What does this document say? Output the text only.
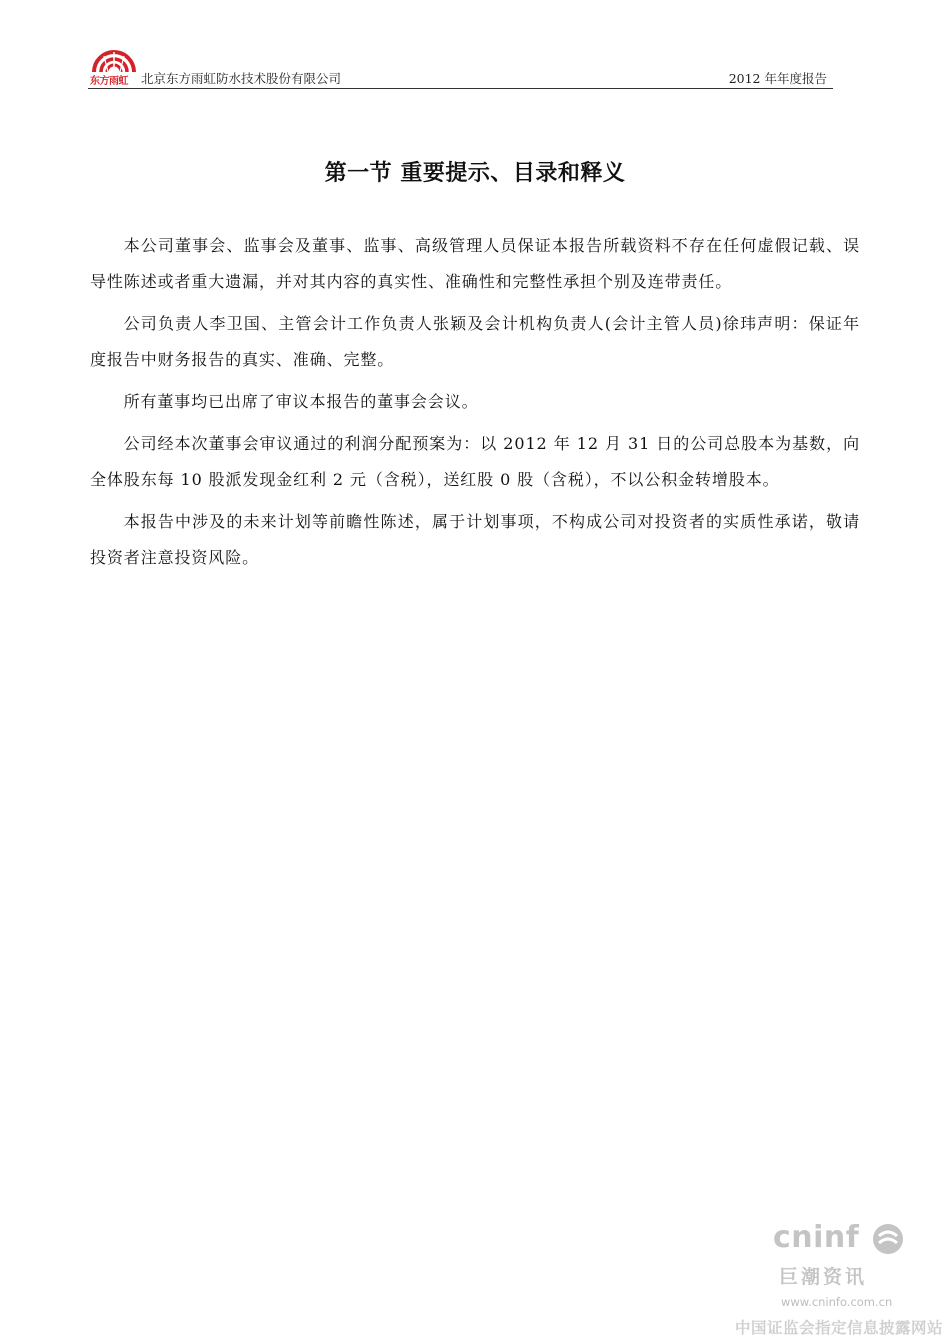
东方雨虹	北京东方雨虹防水技术股份有限公司	2012 年年度报告
第一节 重要提示、目录和释义

本公司董事会、监事会及董事、监事、高级管理人员保证本报告所载资料不存在任何虚假记载、误导性陈述或者重大遗漏，并对其内容的真实性、准确性和完整性承担个别及连带责任。

公司负责人李卫国、主管会计工作负责人张颖及会计机构负责人(会计主管人员)徐玮声明：保证年度报告中财务报告的真实、准确、完整。

所有董事均已出席了审议本报告的董事会会议。

公司经本次董事会审议通过的利润分配预案为：以 2012 年 12 月 31 日的公司总股本为基数，向全体股东每 10 股派发现金红利 2 元（含税），送红股 0 股（含税），不以公积金转增股本。

本报告中涉及的未来计划等前瞻性陈述，属于计划事项，不构成公司对投资者的实质性承诺，敬请投资者注意投资风险。

cninf
巨潮资讯
www.cninfo.com.cn
中国证监会指定信息披露网站
